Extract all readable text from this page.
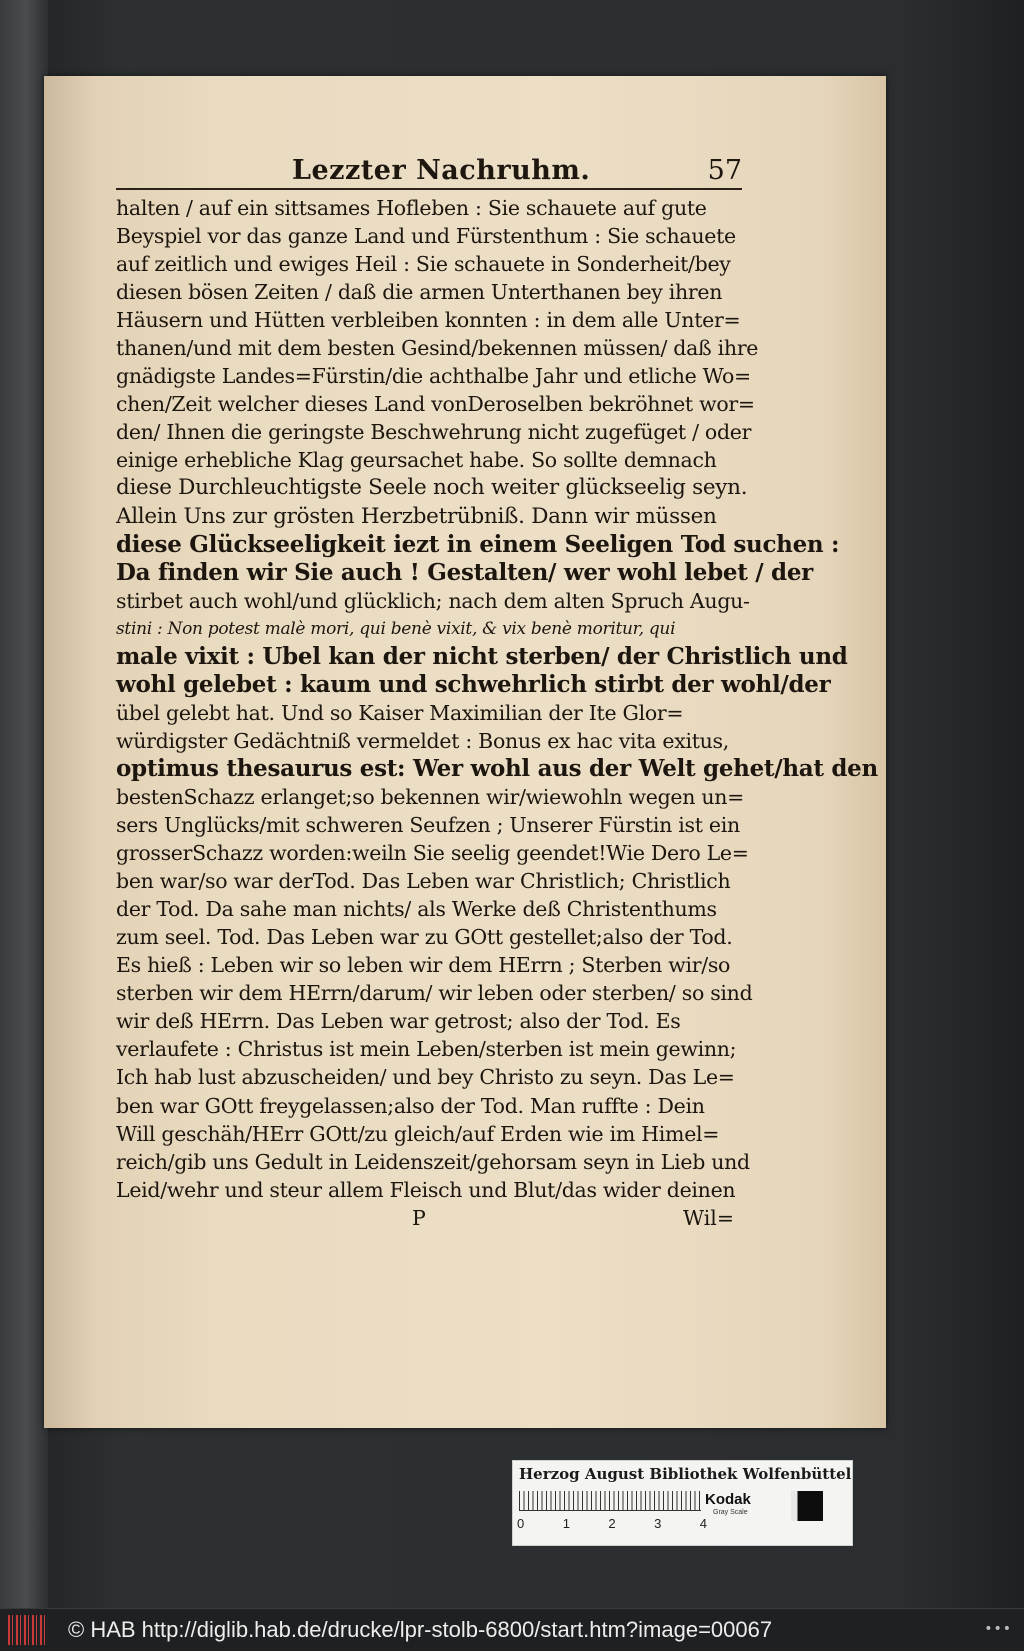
Lezzter Nachruhm.	57
halten / auf ein sittsames Hofleben : Sie schauete auf gute
Beyspiel vor das ganze Land und Fürstenthum : Sie schauete
auf zeitlich und ewiges Heil : Sie schauete in Sonderheit/bey
diesen bösen Zeiten / daß die armen Unterthanen bey ihren
Häusern und Hütten verbleiben konnten : in dem alle Unter=
thanen/und mit dem besten Gesind/bekennen müssen/ daß ihre
gnädigste Landes=Fürstin/die achthalbe Jahr und etliche Wo=
chen/Zeit welcher dieses Land vonDeroselben bekröhnet wor=
den/ Ihnen die geringste Beschwehrung nicht zugefüget / oder
einige erhebliche Klag geursachet habe. So sollte demnach
diese Durchleuchtigste Seele noch weiter glückseelig seyn.
Allein Uns zur grösten Herzbetrübniß. Dann wir müssen
diese Glückseeligkeit iezt in einem Seeligen Tod suchen :
Da finden wir Sie auch ! Gestalten/ wer wohl lebet / der
stirbet auch wohl/und glücklich; nach dem alten Spruch Augu-
stini : Non potest malè mori, qui benè vixit, & vix benè moritur, qui
male vixit : Ubel kan der nicht sterben/ der Christlich und
wohl gelebet : kaum und schwehrlich stirbt der wohl/der
übel gelebt hat. Und so Kaiser Maximilian der Ite Glor=
würdigster Gedächtniß vermeldet : Bonus ex hac vita exitus,
optimus thesaurus est: Wer wohl aus der Welt gehet/hat den
bestenSchazz erlanget;so bekennen wir/wiewohln wegen un=
sers Unglücks/mit schweren Seufzen ; Unserer Fürstin ist ein
grosserSchazz worden:weiln Sie seelig geendet!Wie Dero Le=
ben war/so war derTod. Das Leben war Christlich; Christlich
der Tod. Da sahe man nichts/ als Werke deß Christenthums
zum seel. Tod. Das Leben war zu GOtt gestellet;also der Tod.
Es hieß : Leben wir so leben wir dem HErrn ; Sterben wir/so
sterben wir dem HErrn/darum/ wir leben oder sterben/ so sind
wir deß HErrn. Das Leben war getrost; also der Tod. Es
verlaufete : Christus ist mein Leben/sterben ist mein gewinn;
Ich hab lust abzuscheiden/ und bey Christo zu seyn. Das Le=
ben war GOtt freygelassen;also der Tod. Man ruffte : Dein
Will geschäh/HErr GOtt/zu gleich/auf Erden wie im Himel=
reich/gib uns Gedult in Leidenszeit/gehorsam seyn in Lieb und
Leid/wehr und steur allem Fleisch und Blut/das wider deinen
P	Wil=
Herzog August Bibliothek Wolfenbüttel
0	1	2	3	4
Kodak
Gray Scale
© HAB http://diglib.hab.de/drucke/lpr-stolb-6800/start.htm?image=00067	•••
